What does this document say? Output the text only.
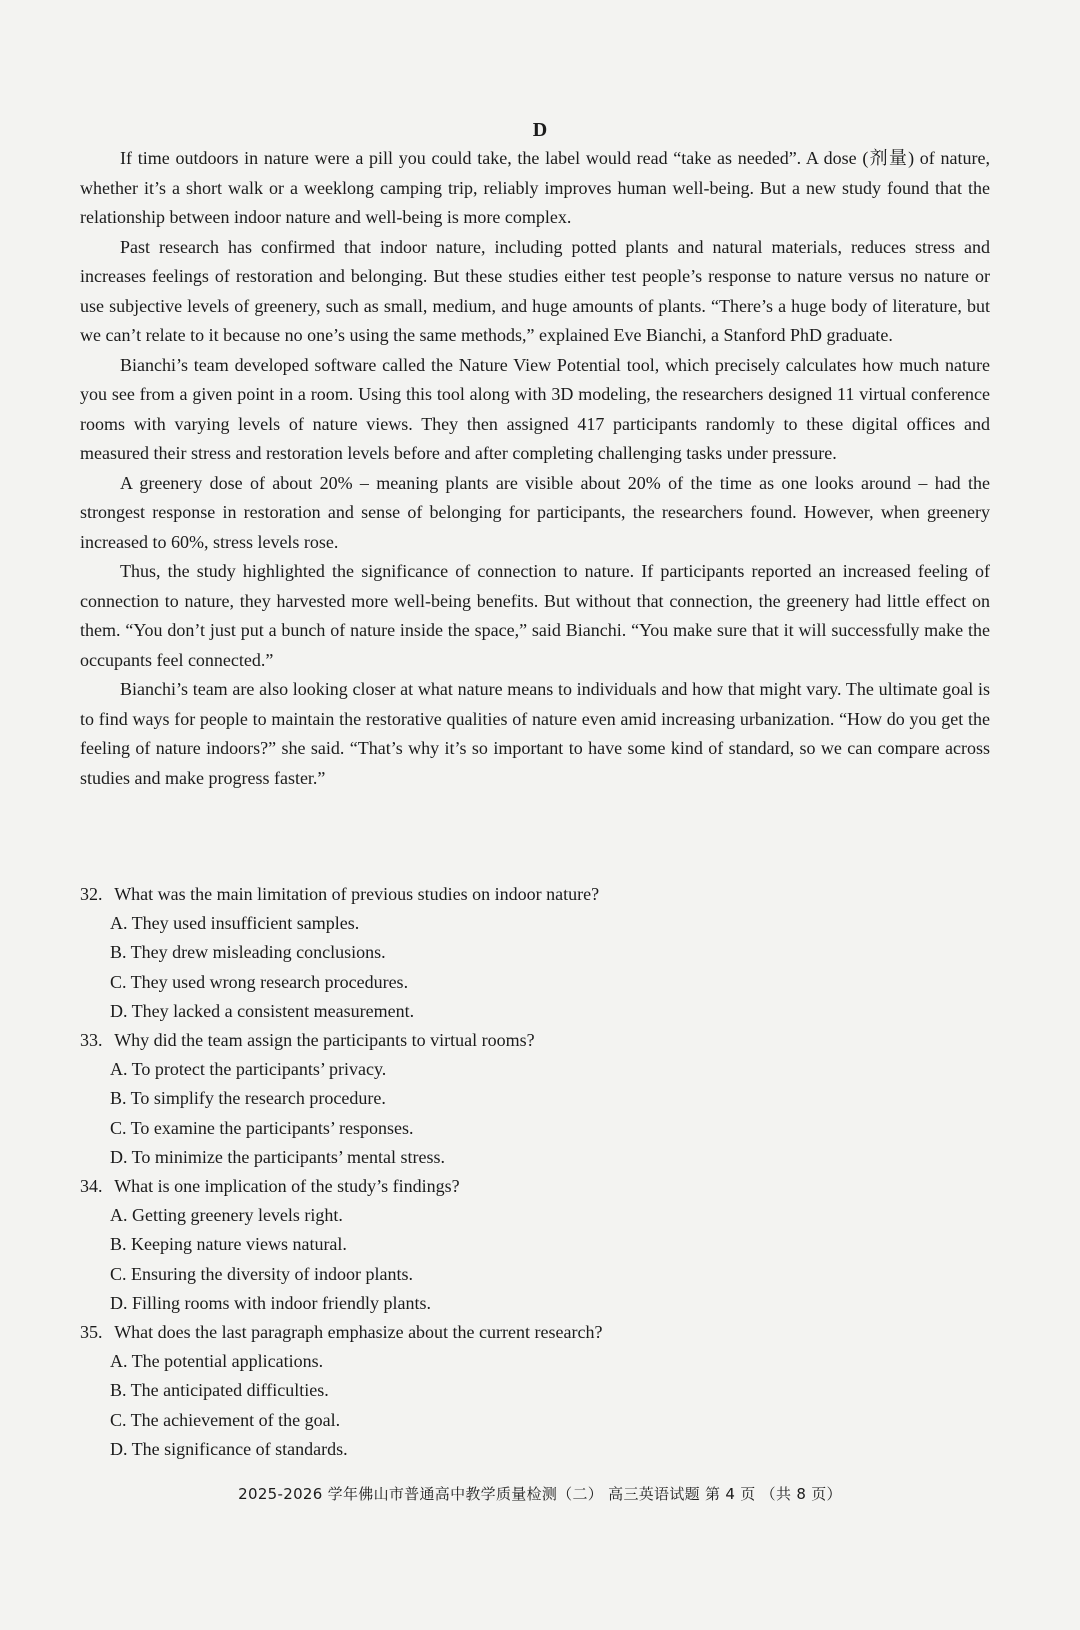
D

If time outdoors in nature were a pill you could take, the label would read “take as needed”. A dose (剂量) of nature, whether it’s a short walk or a weeklong camping trip, reliably improves human well-being. But a new study found that the relationship between indoor nature and well-being is more complex.

Past research has confirmed that indoor nature, including potted plants and natural materials, reduces stress and increases feelings of restoration and belonging. But these studies either test people’s response to nature versus no nature or use subjective levels of greenery, such as small, medium, and huge amounts of plants. “There’s a huge body of literature, but we can’t relate to it because no one’s using the same methods,” explained Eve Bianchi, a Stanford PhD graduate.

Bianchi’s team developed software called the Nature View Potential tool, which precisely calculates how much nature you see from a given point in a room. Using this tool along with 3D modeling, the researchers designed 11 virtual conference rooms with varying levels of nature views. They then assigned 417 participants randomly to these digital offices and measured their stress and restoration levels before and after completing challenging tasks under pressure.

A greenery dose of about 20% – meaning plants are visible about 20% of the time as one looks around – had the strongest response in restoration and sense of belonging for participants, the researchers found. However, when greenery increased to 60%, stress levels rose.

Thus, the study highlighted the significance of connection to nature. If participants reported an increased feeling of connection to nature, they harvested more well-being benefits. But without that connection, the greenery had little effect on them. “You don’t just put a bunch of nature inside the space,” said Bianchi. “You make sure that it will successfully make the occupants feel connected.”

Bianchi’s team are also looking closer at what nature means to individuals and how that might vary. The ultimate goal is to find ways for people to maintain the restorative qualities of nature even amid increasing urbanization. “How do you get the feeling of nature indoors?” she said. “That’s why it’s so important to have some kind of standard, so we can compare across studies and make progress faster.”

32. What was the main limitation of previous studies on indoor nature?

A. They used insufficient samples.

B. They drew misleading conclusions.

C. They used wrong research procedures.

D. They lacked a consistent measurement.

33. Why did the team assign the participants to virtual rooms?

A. To protect the participants’ privacy.

B. To simplify the research procedure.

C. To examine the participants’ responses.

D. To minimize the participants’ mental stress.

34. What is one implication of the study’s findings?

A. Getting greenery levels right.

B. Keeping nature views natural.

C. Ensuring the diversity of indoor plants.

D. Filling rooms with indoor friendly plants.

35. What does the last paragraph emphasize about the current research?

A. The potential applications.

B. The anticipated difficulties.

C. The achievement of the goal.

D. The significance of standards.

2025-2026 学年佛山市普通高中教学质量检测（二） 高三英语试题 第 4 页 （共 8 页）
